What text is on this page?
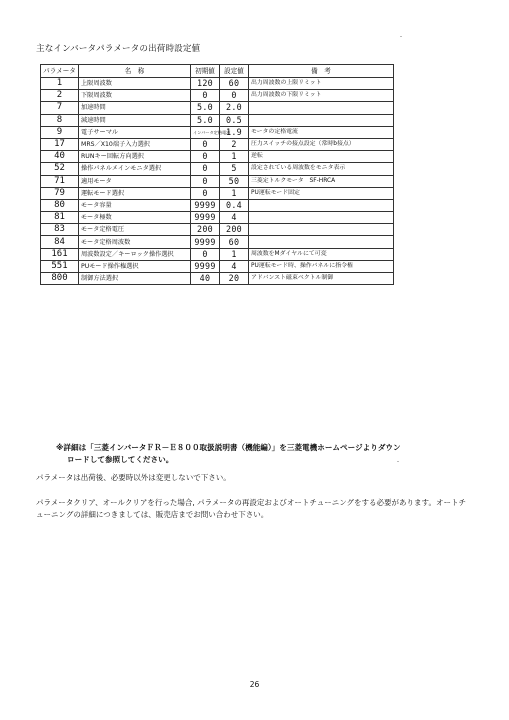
主なインバータパラメータの出荷時設定値
パラメータ	名　称	初期値	設定値	備　考
1	上限周波数	120	60	出力周波数の上限リミット
2	下限周波数	0	0	出力周波数の下限リミット
7	加速時間	5.0	2.0	
8	減速時間	5.0	0.5	
9	電子サーマル	インバータ定格電流	1.9	モータの定格電流
17	MRS／X10端子入力選択	0	2	圧力スイッチの接点設定（常時b接点）
40	RUNキー回転方向選択	0	1	逆転
52	操作パネルメインモニタ選択	0	5	設定されている周波数をモニタ表示
71	適用モータ	0	50	三菱定トルクモータ　SF-HRCA
79	運転モード選択	0	1	PU運転モード固定
80	モータ容量	9999	0.4	
81	モータ極数	9999	4	
83	モータ定格電圧	200	200	
84	モータ定格周波数	9999	60	
161	周波数設定／キーロック操作選択	0	1	周波数をMダイヤルにて可変
551	PUモード操作権選択	9999	4	PU運転モード時、操作パネルに指令権
800	制御方法選択	40	20	アドバンスト磁束ベクトル制御
※詳細は「三菱インバータＦＲ－Ｅ８００取扱説明書（機能編）」を三菱電機ホームページよりダウン
ロードして参照してください。
パラメータは出荷後、必要時以外は変更しないで下さい。
パラメータクリア、オールクリアを行った場合, パラメータの再設定およびオートチューニングをする必要があります。オートチューニングの詳細につきましては、販売店までお問い合わせ下さい。
26
